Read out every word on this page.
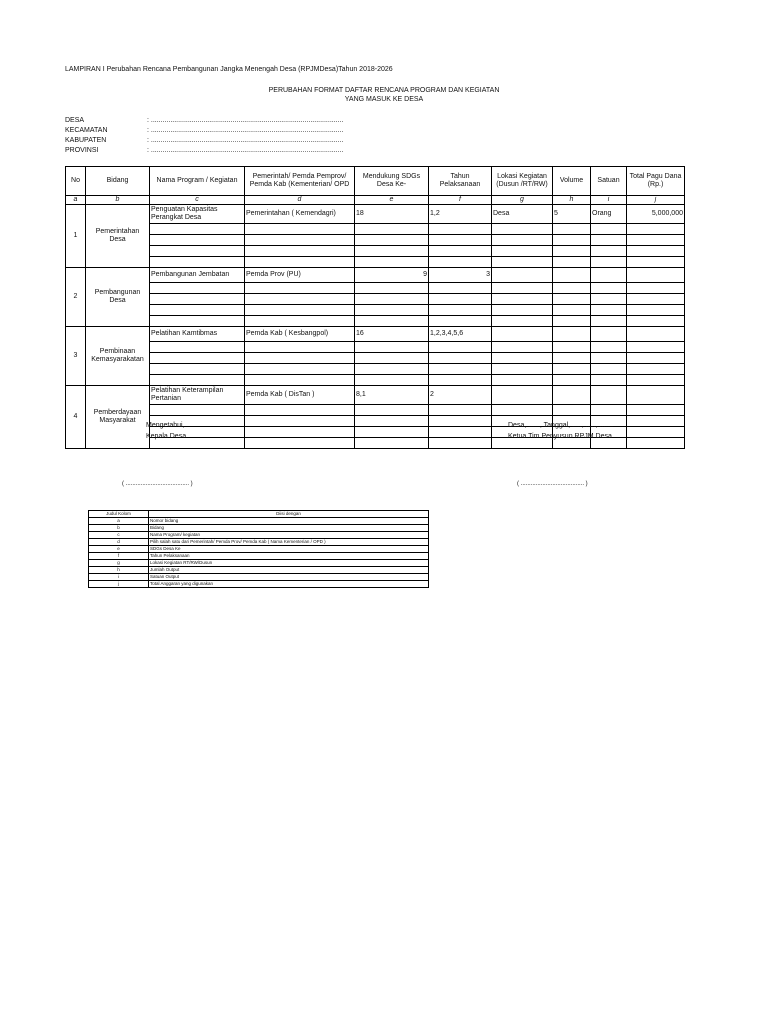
LAMPIRAN I Perubahan Rencana Pembangunan Jangka Menengah Desa (RPJMDesa)Tahun 2018-2026
PERUBAHAN FORMAT DAFTAR RENCANA PROGRAM DAN KEGIATAN
YANG MASUK KE DESA
DESA	: ...................................................................................................
KECAMATAN	: ...................................................................................................
KABUPATEN	: ...................................................................................................
PROVINSI	: ...................................................................................................
No	Bidang	Nama Program / Kegiatan	Pemerintah/ Pemda Pemprov/ Pemda Kab (Kementerian/ OPD	Mendukung SDGs Desa Ke-	Tahun Pelaksanaan	Lokasi Kegiatan (Dusun /RT/RW)	Volume	Satuan	Total Pagu Dana (Rp.)
a	b	c	d	e	f	g	h	i	j
1	Pemerintahan Desa	Penguatan Kapasitas Perangkat Desa	Pemerintahan ( Kemendagri)	18	1,2	Desa	5	Orang	5,000,000

2	Pembangunan Desa	Pembangunan Jembatan	Pemda Prov (PU)	9	3				

3	Pembinaan Kemasyarakatan	Pelatihan Kamtibmas	Pemda Kab ( Kesbangpol)	16	1,2,3,4,5,6				

4	Pemberdayaan Masyarakat	Pelatihan Keterampilan Pertanian	Pemda Kab ( DisTan )	8,1	2				

Mengetahui,
Kepala Desa
Desa, ......, Tanggal, ....., ....., .......
Ketua Tim Penyusun RPJM Desa
( ...................................... )	( ...................................... )
Judul Kolom	Diisi dengan
a	Nomor bidang
b	Bidang
c	Nama Program/ kegiatan
d	Pilih salah satu dari Pemerintah/ Pemda Prov/ Pemda Kab ( Nama Kementerian / OPD )
e	SDGs Desa Ke
f	Tahun Pelaksanaan
g	Lokasi Kegiatan RT/RW/Dusun
h	Jumlah Output
i	Satuan Output
j	Total Anggaran yang digunakan
